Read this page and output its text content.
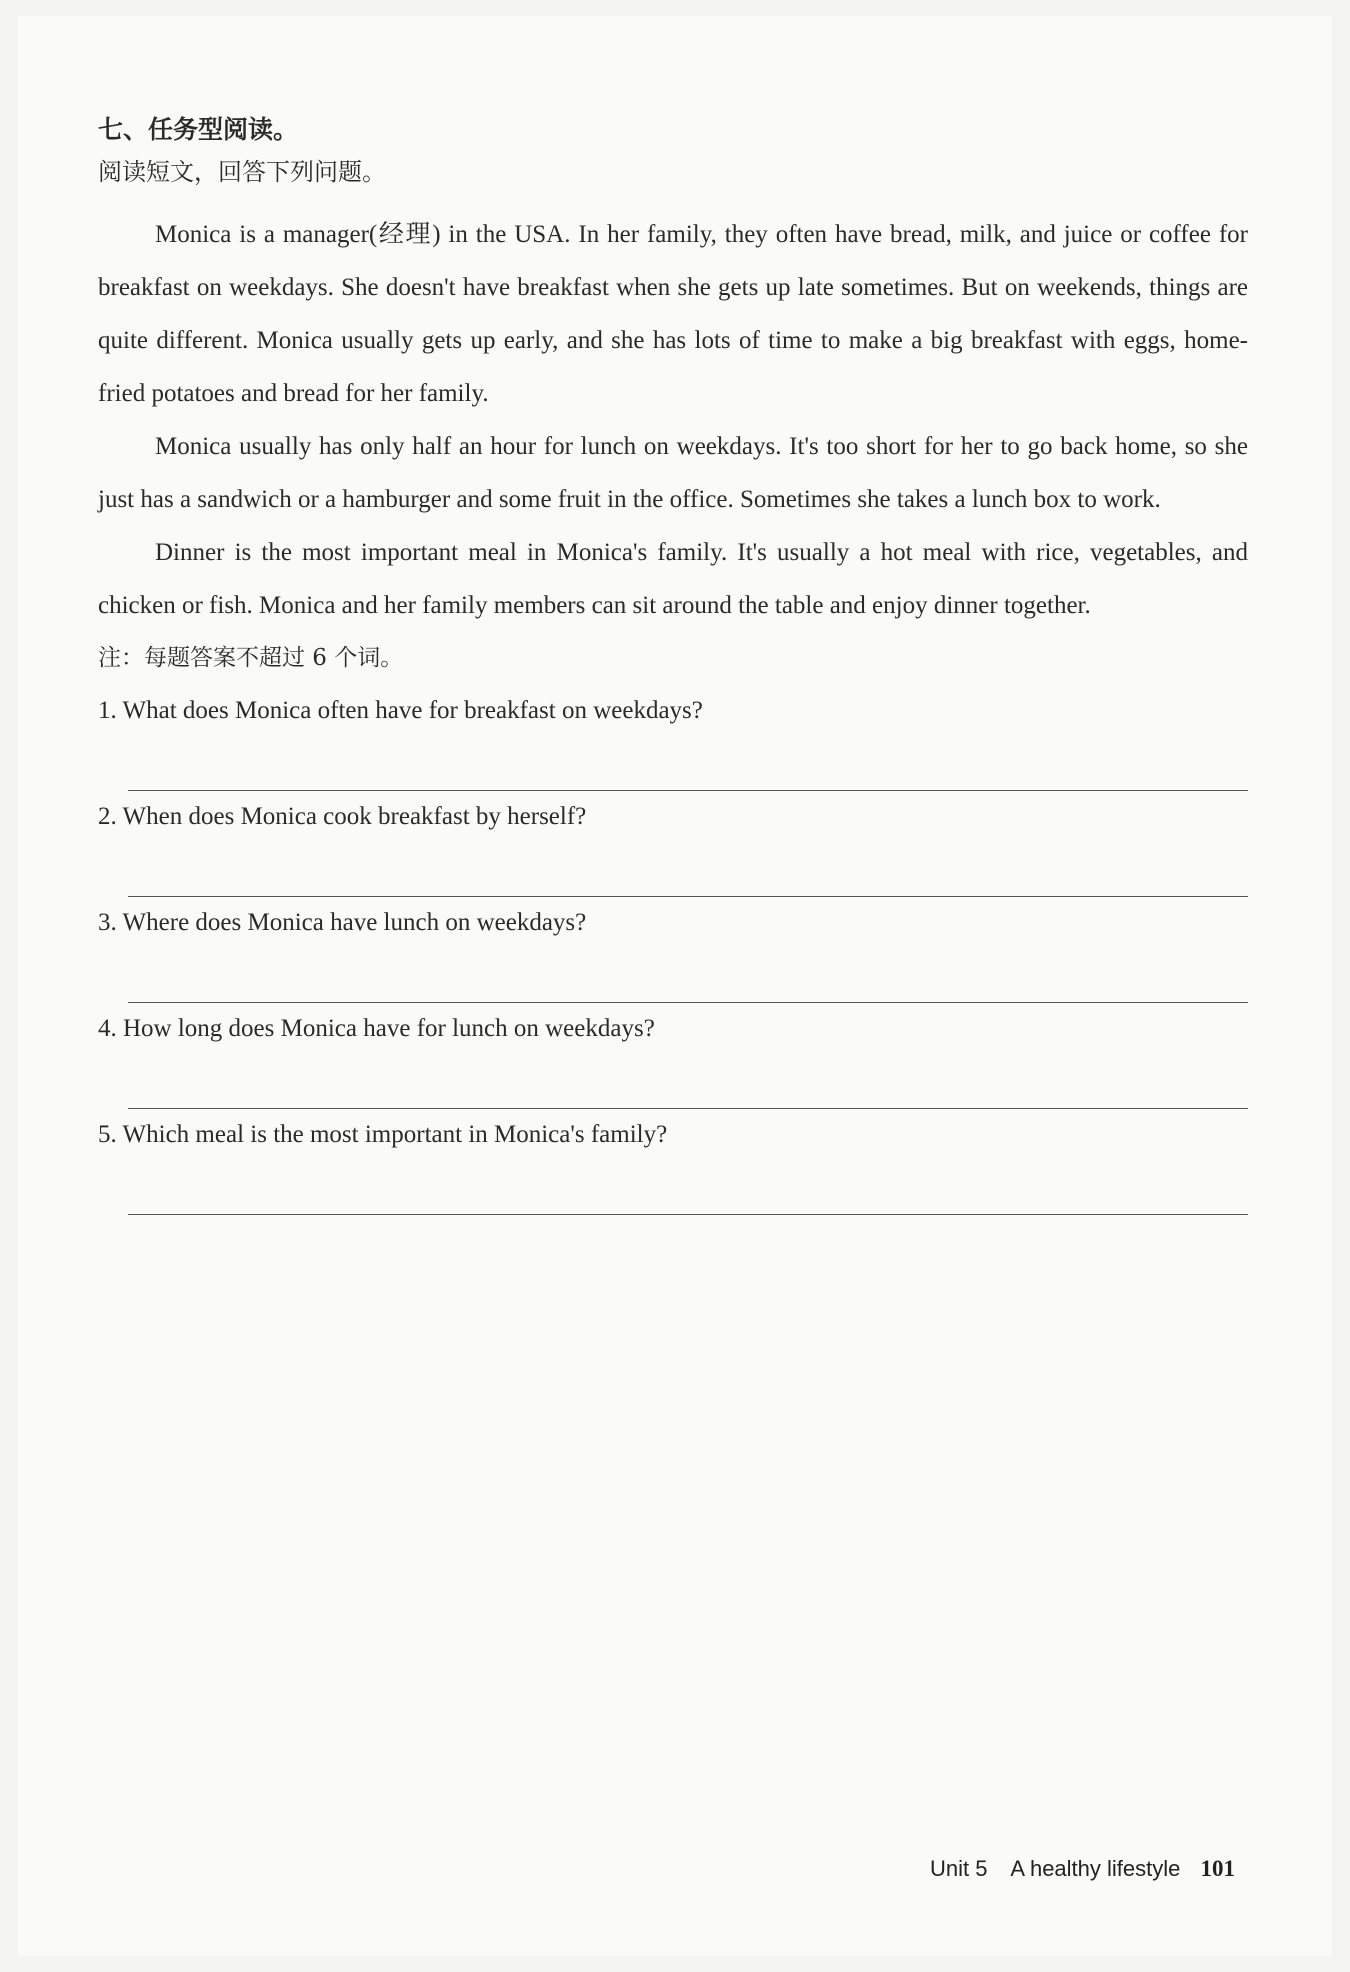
七、任务型阅读。

阅读短文，回答下列问题。

Monica is a manager(经理) in the USA. In her family, they often have bread, milk, and juice or coffee for breakfast on weekdays. She doesn't have breakfast when she gets up late sometimes. But on weekends, things are quite different. Monica usually gets up early, and she has lots of time to make a big breakfast with eggs, home-fried potatoes and bread for her family.

Monica usually has only half an hour for lunch on weekdays. It's too short for her to go back home, so she just has a sandwich or a hamburger and some fruit in the office. Sometimes she takes a lunch box to work.

Dinner is the most important meal in Monica's family. It's usually a hot meal with rice, vegetables, and chicken or fish. Monica and her family members can sit around the table and enjoy dinner together.

注：每题答案不超过 6 个词。

1. What does Monica often have for breakfast on weekdays?

2. When does Monica cook breakfast by herself?

3. Where does Monica have lunch on weekdays?

4. How long does Monica have for lunch on weekdays?

5. Which meal is the most important in Monica's family?

Unit 5 A healthy lifestyle 101
